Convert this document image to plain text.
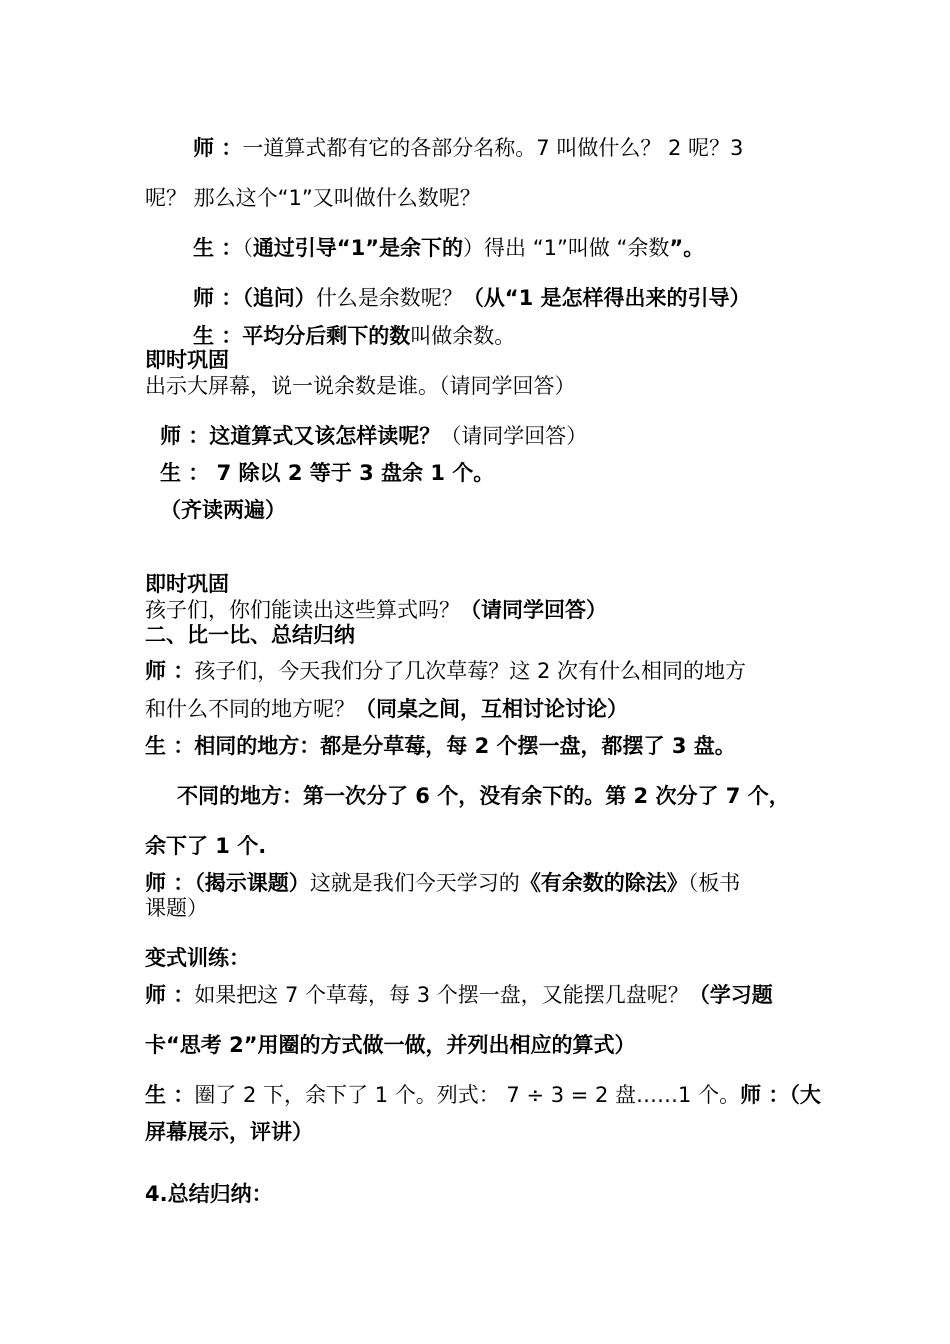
师 ：一道算式都有它的各部分名称。7 叫做什么？ 2 呢？3
呢？ 那么这个“1”又叫做什么数呢？
生 ：（通过引导“1”是余下的）得出 “1”叫做 “余数”。
师 ：（追问）什么是余数呢？（从“1 是怎样得出来的引导）
生 ：平均分后剩下的数叫做余数。
即时巩固
出示大屏幕，说一说余数是谁。（请同学回答）
师 ：这道算式又该怎样读呢？（请同学回答）
生 ： 7 除以 2 等于 3 盘余 1 个。
（齐读两遍）
即时巩固
孩子们，你们能读出这些算式吗？（请同学回答）
二、比一比、总结归纳
师 ：孩子们，今天我们分了几次草莓？这 2 次有什么相同的地方
和什么不同的地方呢？（同桌之间，互相讨论讨论）
生 ：相同的地方：都是分草莓，每 2 个摆一盘，都摆了 3 盘。
不同的地方：第一次分了 6 个，没有余下的。第 2 次分了 7 个，
余下了 1 个.
师 ：（揭示课题）这就是我们今天学习的《有余数的除法》（板书
课题）
变式训练：
师 ：如果把这 7 个草莓，每 3 个摆一盘，又能摆几盘呢？（学习题
卡“思考 2”用圈的方式做一做，并列出相应的算式）
生 ：圈了 2 下，余下了 1 个。列式： 7 ÷ 3 = 2 盘……1 个。师 ：（大
屏幕展示，评讲）
4.总结归纳：
